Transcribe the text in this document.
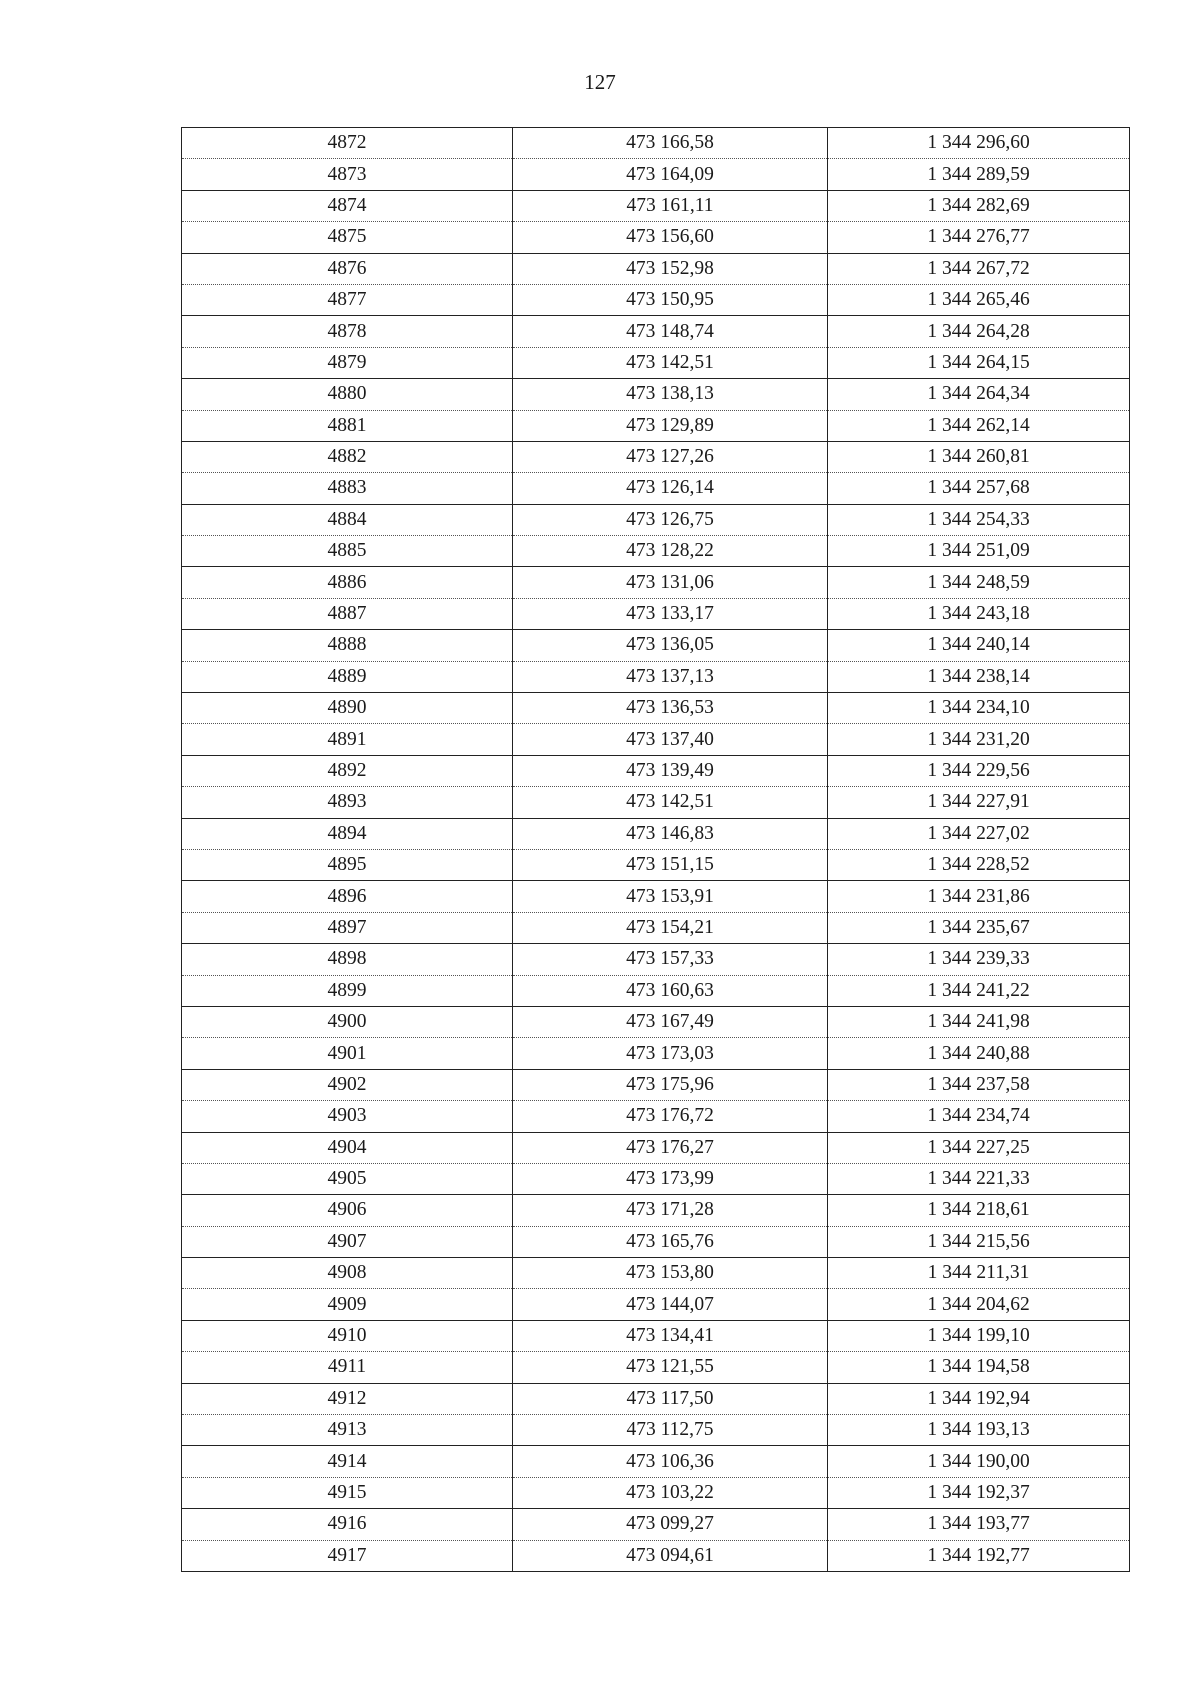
127
4872	473 166,58	1 344 296,60
4873	473 164,09	1 344 289,59
4874	473 161,11	1 344 282,69
4875	473 156,60	1 344 276,77
4876	473 152,98	1 344 267,72
4877	473 150,95	1 344 265,46
4878	473 148,74	1 344 264,28
4879	473 142,51	1 344 264,15
4880	473 138,13	1 344 264,34
4881	473 129,89	1 344 262,14
4882	473 127,26	1 344 260,81
4883	473 126,14	1 344 257,68
4884	473 126,75	1 344 254,33
4885	473 128,22	1 344 251,09
4886	473 131,06	1 344 248,59
4887	473 133,17	1 344 243,18
4888	473 136,05	1 344 240,14
4889	473 137,13	1 344 238,14
4890	473 136,53	1 344 234,10
4891	473 137,40	1 344 231,20
4892	473 139,49	1 344 229,56
4893	473 142,51	1 344 227,91
4894	473 146,83	1 344 227,02
4895	473 151,15	1 344 228,52
4896	473 153,91	1 344 231,86
4897	473 154,21	1 344 235,67
4898	473 157,33	1 344 239,33
4899	473 160,63	1 344 241,22
4900	473 167,49	1 344 241,98
4901	473 173,03	1 344 240,88
4902	473 175,96	1 344 237,58
4903	473 176,72	1 344 234,74
4904	473 176,27	1 344 227,25
4905	473 173,99	1 344 221,33
4906	473 171,28	1 344 218,61
4907	473 165,76	1 344 215,56
4908	473 153,80	1 344 211,31
4909	473 144,07	1 344 204,62
4910	473 134,41	1 344 199,10
4911	473 121,55	1 344 194,58
4912	473 117,50	1 344 192,94
4913	473 112,75	1 344 193,13
4914	473 106,36	1 344 190,00
4915	473 103,22	1 344 192,37
4916	473 099,27	1 344 193,77
4917	473 094,61	1 344 192,77
